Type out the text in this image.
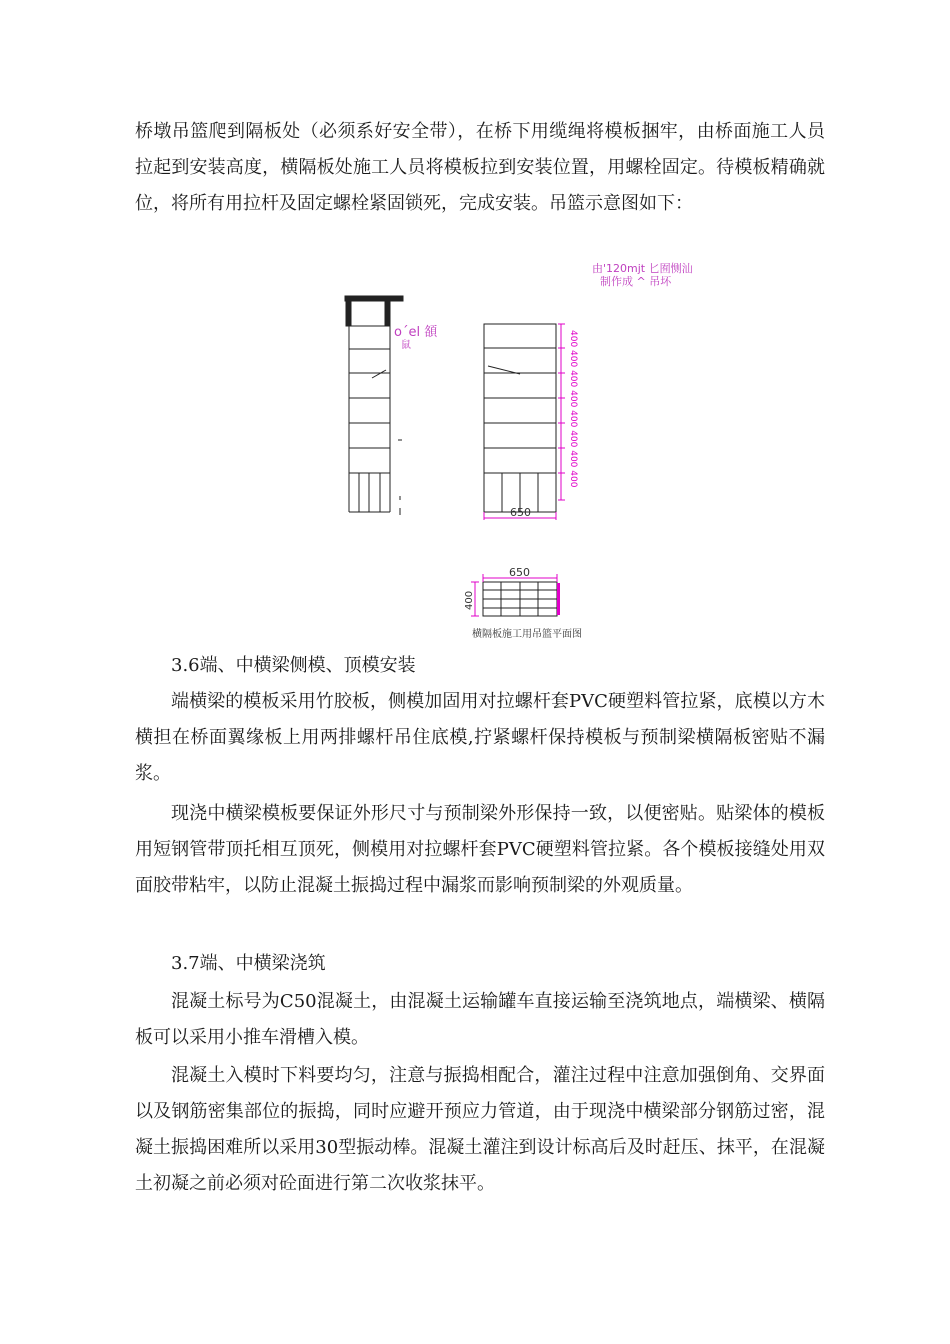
桥墩吊篮爬到隔板处（必须系好安全带），在桥下用缆绳将模板捆牢，由桥面施工人员拉起到安装高度，横隔板处施工人员将模板拉到安装位置，用螺栓固定。待模板精确就位，将所有用拉杆及固定螺栓紧固锁死，完成安装。吊篮示意图如下：

由'120mjt 匕囿恻汕
制作成 ^ 吊坏
o´el 頟
鼠	400 400 400 400 400 400 400 400
650
650
400
横隔板施工用吊篮平面图

3.6端、中横梁侧模、顶模安装

端横梁的模板采用竹胶板，侧模加固用对拉螺杆套PVC硬塑料管拉紧，底模以方木横担在桥面翼缘板上用两排螺杆吊住底模,拧紧螺杆保持模板与预制梁横隔板密贴不漏浆。

现浇中横梁模板要保证外形尺寸与预制梁外形保持一致，以便密贴。贴梁体的模板用短钢管带顶托相互顶死，侧模用对拉螺杆套PVC硬塑料管拉紧。各个模板接缝处用双面胶带粘牢，以防止混凝土振捣过程中漏浆而影响预制梁的外观质量。

3.7端、中横梁浇筑

混凝土标号为C50混凝土，由混凝土运输罐车直接运输至浇筑地点，端横梁、横隔板可以采用小推车滑槽入模。

混凝土入模时下料要均匀，注意与振捣相配合，灌注过程中注意加强倒角、交界面以及钢筋密集部位的振捣，同时应避开预应力管道，由于现浇中横梁部分钢筋过密，混凝土振捣困难所以采用30型振动棒。混凝土灌注到设计标高后及时赶压、抹平，在混凝土初凝之前必须对砼面进行第二次收浆抹平。
